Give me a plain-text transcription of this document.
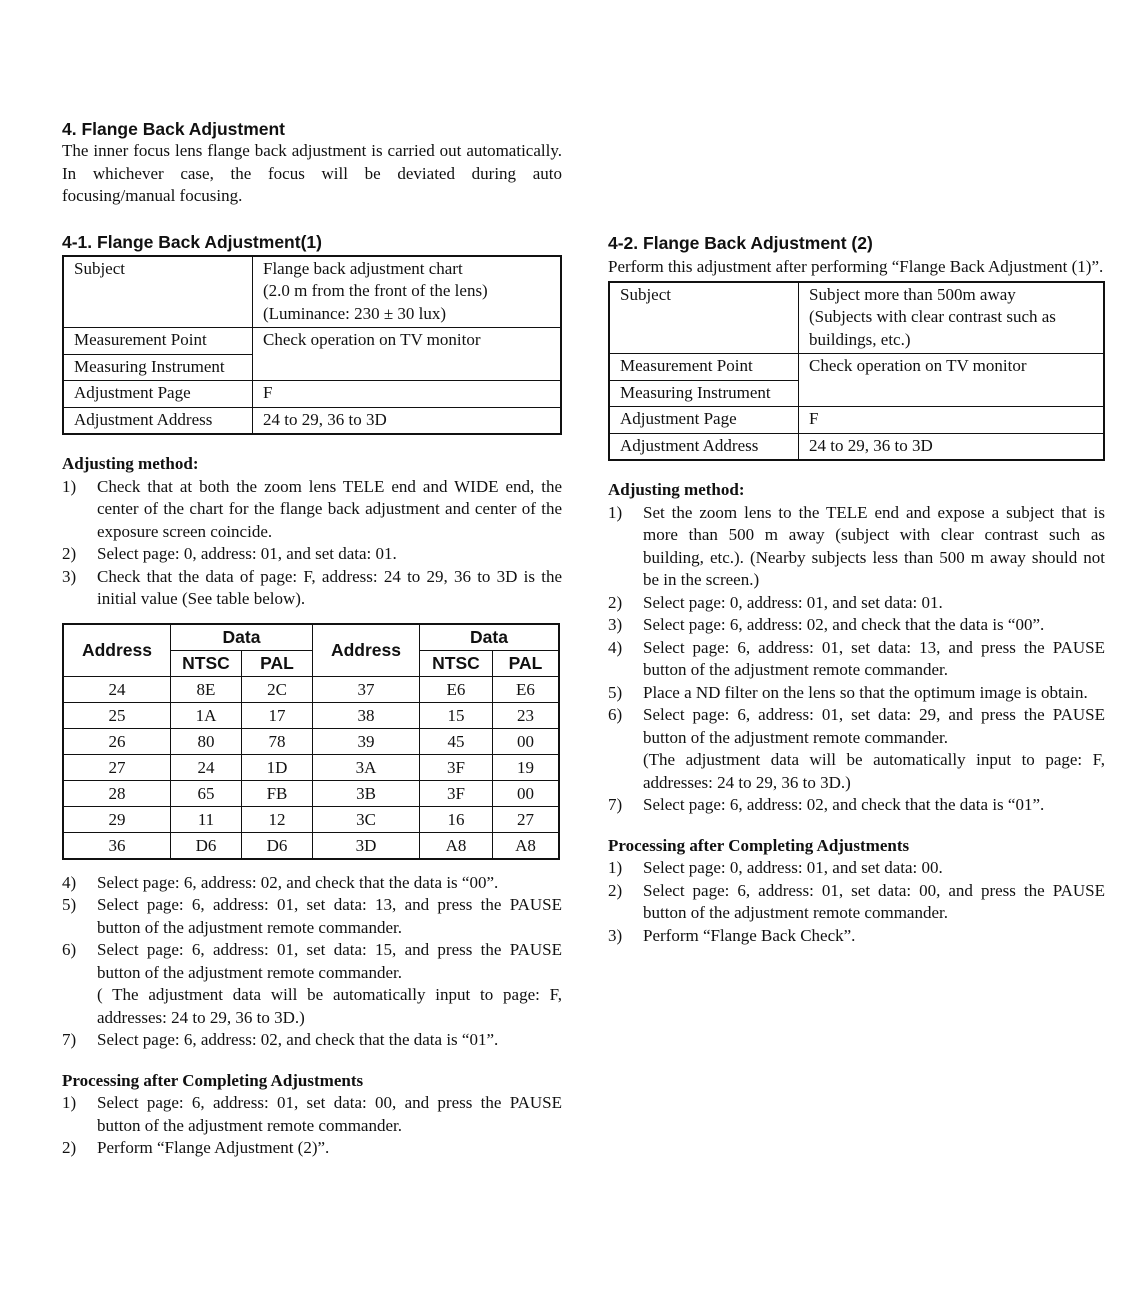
4. Flange Back Adjustment

The inner focus lens flange back adjustment is carried out automatically. In whichever case, the focus will be deviated during auto focusing/manual focusing.

4-1. Flange Back Adjustment(1)
Subject	Flange back adjustment chart
(2.0 m from the front of the lens)
(Luminance: 230 ± 30 lux)

Measurement Point	Check operation on TV monitor
Measuring Instrument	
Adjustment Page	F
Adjustment Address	24 to 29, 36 to 3D

Adjusting method:

1) Check that at both the zoom lens TELE end and WIDE end, the center of the chart for the flange back adjustment and center of the exposure screen coincide.
2) Select page: 0, address: 01, and set data: 01.
3) Check that the data of page: F, address: 24 to 29, 36 to 3D is the initial value (See table below).
Address	Data		Address	Data	
	NTSC	PAL		NTSC	PAL
24	8E	2C	37	E6	E6
25	1A	17	38	15	23
26	80	78	39	45	00
27	24	1D	3A	3F	19
28	65	FB	3B	3F	00
29	11	12	3C	16	27
36	D6	D6	3D	A8	A8
4) Select page: 6, address: 02, and check that the data is “00”.
5) Select page: 6, address: 01, set data: 13, and press the PAUSE button of the adjustment remote commander.
6) Select page: 6, address: 01, set data: 15, and press the PAUSE button of the adjustment remote commander.
( The adjustment data will be automatically input to page: F, addresses: 24 to 29, 36 to 3D.)
7) Select page: 6, address: 02, and check that the data is “01”.

Processing after Completing Adjustments

1) Select page: 6, address: 01, set data: 00, and press the PAUSE button of the adjustment remote commander.
2) Perform “Flange Adjustment (2)”.
4-2. Flange Back Adjustment (2)

Perform this adjustment after performing “Flange Back Adjustment (1)”.

Subject	Subject more than 500m away
(Subjects with clear contrast such as buildings, etc.)

Measurement Point	Check operation on TV monitor
Measuring Instrument	
Adjustment Page	F
Adjustment Address	24 to 29, 36 to 3D

Adjusting method:

1) Set the zoom lens to the TELE end and expose a subject that is more than 500 m away (subject with clear contrast such as building, etc.). (Nearby subjects less than 500 m away should not be in the screen.)
2) Select page: 0, address: 01, and set data: 01.
3) Select page: 6, address: 02, and check that the data is “00”.
4) Select page: 6, address: 01, set data: 13, and press the PAUSE button of the adjustment remote commander.
5) Place a ND filter on the lens so that the optimum image is obtain.
6) Select page: 6, address: 01, set data: 29, and press the PAUSE button of the adjustment remote commander.
(The adjustment data will be automatically input to page: F, addresses: 24 to 29, 36 to 3D.)
7) Select page: 6, address: 02, and check that the data is “01”.

Processing after Completing Adjustments

1) Select page: 0, address: 01, and set data: 00.
2) Select page: 6, address: 01, set data: 00, and press the PAUSE button of the adjustment remote commander.
3) Perform “Flange Back Check”.
